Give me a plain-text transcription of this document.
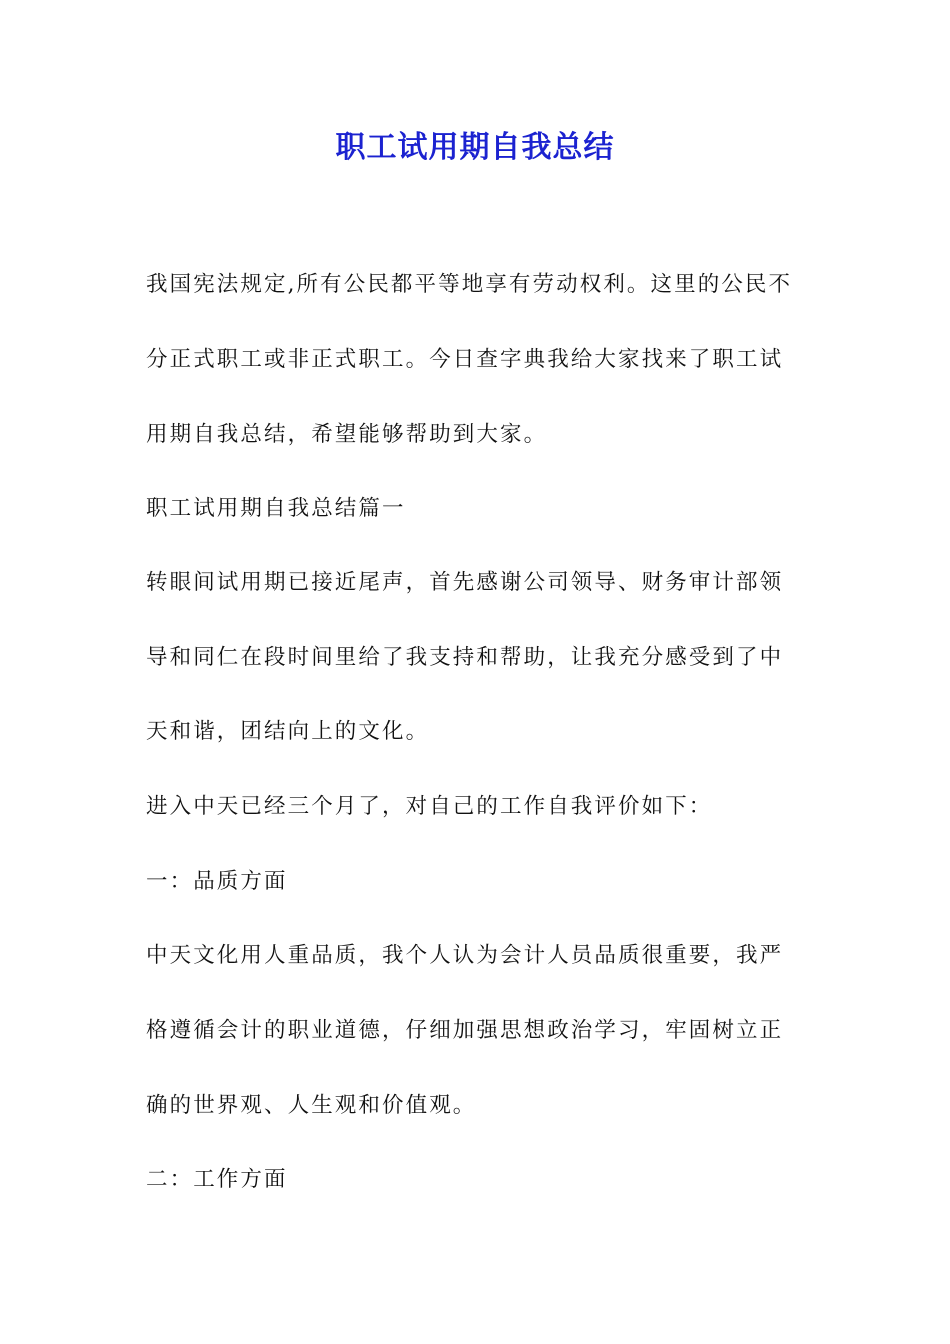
职工试用期自我总结
我国宪法规定,所有公民都平等地享有劳动权利。这里的公民不
分正式职工或非正式职工。今日查字典我给大家找来了职工试
用期自我总结，希望能够帮助到大家。
职工试用期自我总结篇一
转眼间试用期已接近尾声，首先感谢公司领导、财务审计部领
导和同仁在段时间里给了我支持和帮助，让我充分感受到了中
天和谐，团结向上的文化。
进入中天已经三个月了，对自己的工作自我评价如下：
一：品质方面
中天文化用人重品质，我个人认为会计人员品质很重要，我严
格遵循会计的职业道德，仔细加强思想政治学习，牢固树立正
确的世界观、人生观和价值观。
二：工作方面
